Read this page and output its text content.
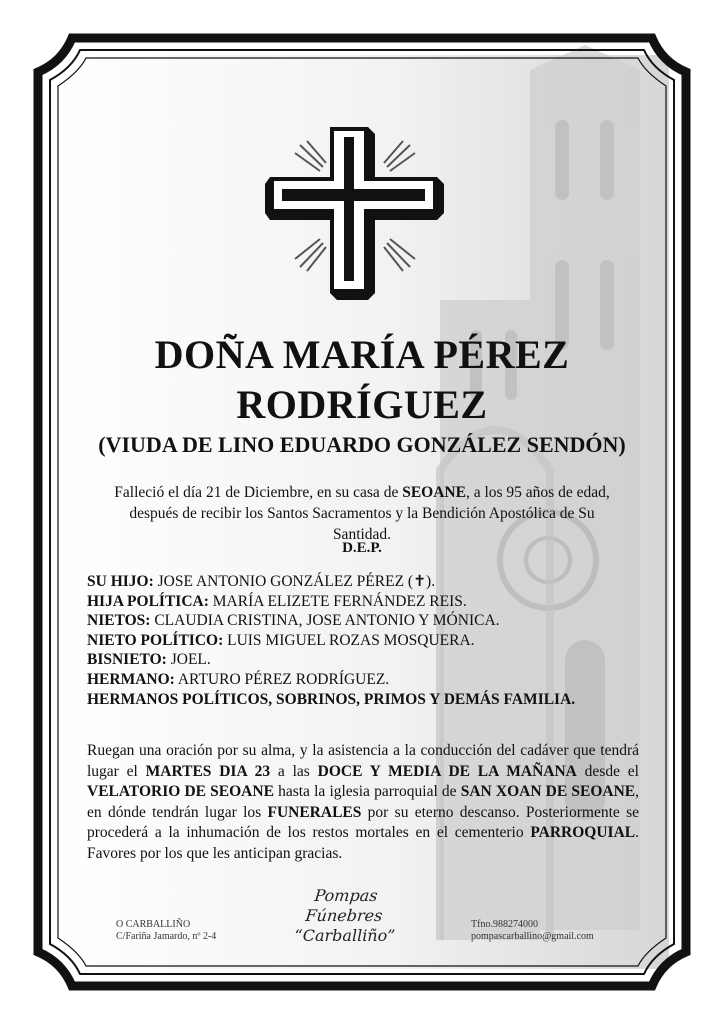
DOÑA MARÍA PÉREZ
RODRÍGUEZ
(VIUDA DE LINO EDUARDO GONZÁLEZ SENDÓN)
Falleció el día 21 de Diciembre, en su casa de SEOANE, a los 95 años de edad, después de recibir los Santos Sacramentos y la Bendición Apostólica de Su Santidad.
D.E.P.
SU HIJO: JOSE ANTONIO GONZÁLEZ PÉREZ (✝).
HIJA POLÍTICA: MARÍA ELIZETE FERNÁNDEZ REIS.
NIETOS: CLAUDIA CRISTINA, JOSE ANTONIO Y MÓNICA.
NIETO POLÍTICO: LUIS MIGUEL ROZAS MOSQUERA.
BISNIETO: JOEL.
HERMANO: ARTURO PÉREZ RODRÍGUEZ.
HERMANOS POLÍTICOS, SOBRINOS, PRIMOS Y DEMÁS FAMILIA.
Ruegan una oración por su alma, y la asistencia a la conducción del cadáver que tendrá lugar el MARTES DIA 23 a las DOCE Y MEDIA DE LA MAÑANA desde el VELATORIO DE SEOANE hasta la iglesia parroquial de SAN XOAN DE SEOANE, en dónde tendrán lugar los FUNERALES por su eterno descanso. Posteriormente se procederá a la inhumación de los restos mortales en el cementerio PARROQUIAL. Favores por los que les anticipan gracias.
Pompas Fúnebres
“Carballiño”
O CARBALLIÑO
C/Fariña Jamardo, nº 2-4
Tfno.988274000
pompascarballino@gmail.com
